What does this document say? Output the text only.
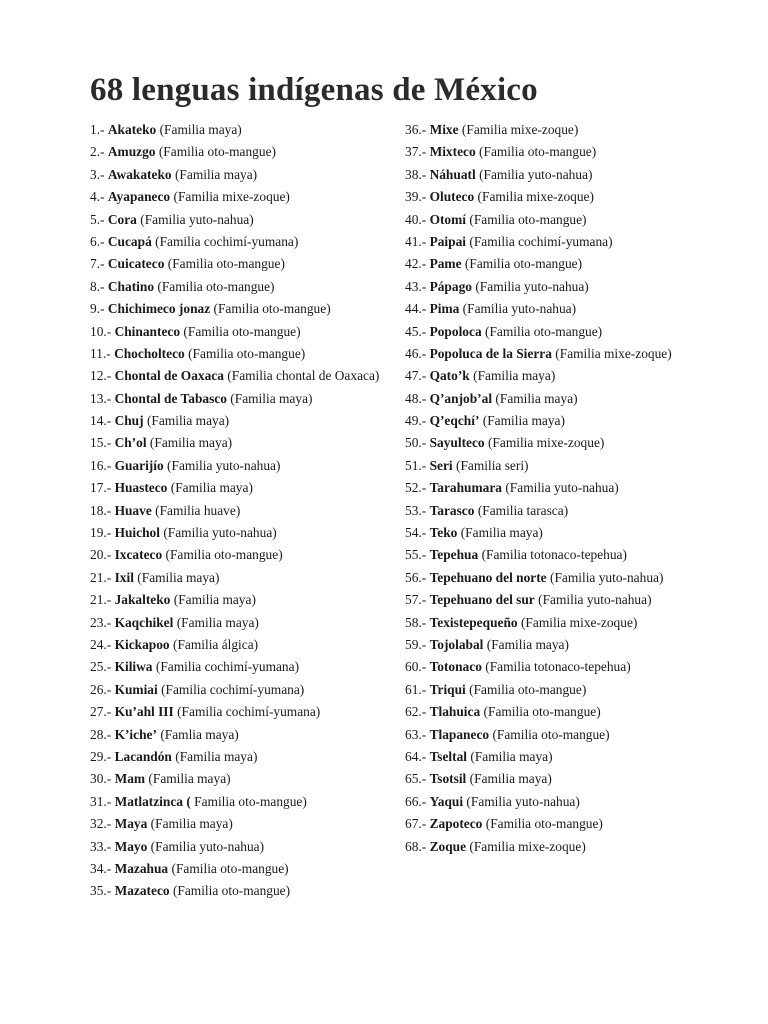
68 lenguas indígenas de México
1.- Akateko (Familia maya)
2.- Amuzgo (Familia oto-mangue)
3.- Awakateko (Familia maya)
4.- Ayapaneco (Familia mixe-zoque)
5.- Cora (Familia yuto-nahua)
6.- Cucapá (Familia cochimí-yumana)
7.- Cuicateco (Familia oto-mangue)
8.- Chatino (Familia oto-mangue)
9.- Chichimeco jonaz (Familia oto-mangue)
10.- Chinanteco (Familia oto-mangue)
11.- Chocholteco (Familia oto-mangue)
12.- Chontal de Oaxaca (Familia chontal de Oaxaca)
13.- Chontal de Tabasco (Familia maya)
14.- Chuj (Familia maya)
15.- Ch’ol (Familia maya)
16.- Guarijío (Familia yuto-nahua)
17.- Huasteco (Familia maya)
18.- Huave (Familia huave)
19.- Huichol (Familia yuto-nahua)
20.- Ixcateco (Familia oto-mangue)
21.- Ixil (Familia maya)
21.- Jakalteko (Familia maya)
23.- Kaqchikel (Familia maya)
24.- Kickapoo (Familia álgica)
25.- Kiliwa (Familia cochimí-yumana)
26.- Kumiai (Familia cochimí-yumana)
27.- Ku’ahl III (Familia cochimí-yumana)
28.- K’iche’ (Famlia maya)
29.- Lacandón (Familia maya)
30.- Mam (Familia maya)
31.- Matlatzinca ( Familia oto-mangue)
32.- Maya (Familia maya)
33.- Mayo (Familia yuto-nahua)
34.- Mazahua (Familia oto-mangue)
35.- Mazateco (Familia oto-mangue)
36.- Mixe (Familia mixe-zoque)
37.- Mixteco (Familia oto-mangue)
38.- Náhuatl (Familia yuto-nahua)
39.- Oluteco (Familia mixe-zoque)
40.- Otomí (Familia oto-mangue)
41.- Paipai (Familia cochimí-yumana)
42.- Pame (Familia oto-mangue)
43.- Pápago (Familia yuto-nahua)
44.- Pima (Familia yuto-nahua)
45.- Popoloca (Familia oto-mangue)
46.- Popoluca de la Sierra (Familia mixe-zoque)
47.- Qato’k (Familia maya)
48.- Q’anjob’al (Familia maya)
49.- Q’eqchí’ (Familia maya)
50.- Sayulteco (Familia mixe-zoque)
51.- Seri (Familia seri)
52.- Tarahumara (Familia yuto-nahua)
53.- Tarasco (Familia tarasca)
54.- Teko (Familia maya)
55.- Tepehua (Familia totonaco-tepehua)
56.- Tepehuano del norte (Familia yuto-nahua)
57.- Tepehuano del sur (Familia yuto-nahua)
58.- Texistepequeño (Familia mixe-zoque)
59.- Tojolabal (Familia maya)
60.- Totonaco (Familia totonaco-tepehua)
61.- Triqui (Familia oto-mangue)
62.- Tlahuica (Familia oto-mangue)
63.- Tlapaneco (Familia oto-mangue)
64.- Tseltal (Familia maya)
65.- Tsotsil (Familia maya)
66.- Yaqui (Familia yuto-nahua)
67.- Zapoteco (Familia oto-mangue)
68.- Zoque (Familia mixe-zoque)
